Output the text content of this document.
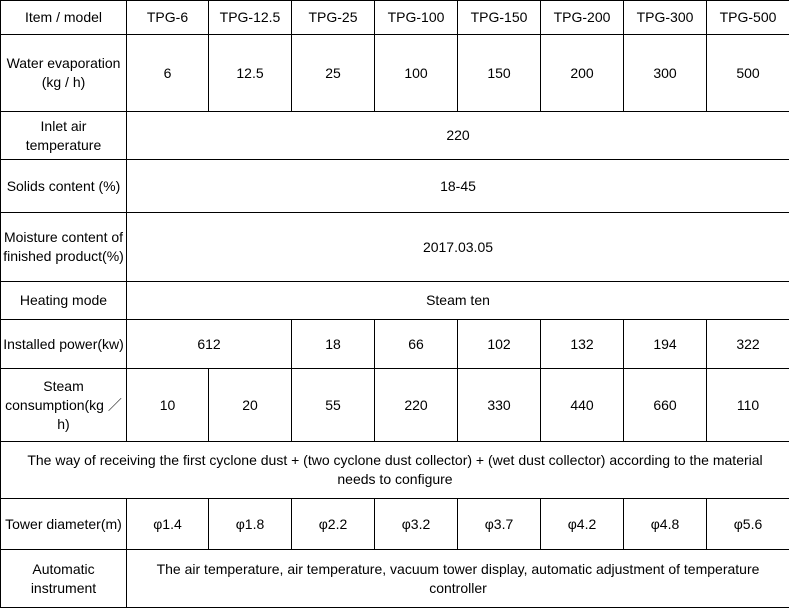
Item / model	TPG-6	TPG-12.5	TPG-25	TPG-100	TPG-150	TPG-200	TPG-300	TPG-500
Water evaporation (kg / h)	6	12.5	25	100	150	200	300	500
Inlet air temperature	220							
Solids content (%)	18-45							
Moisture content of finished product(%)	2017.03.05							
Heating mode	Steam ten							
Installed power(kw)	612		18	66	102	132	194	322
Steam consumption(kg ／h)	10	20	55	220	330	440	660	110
The way of receiving the first cyclone dust + (two cyclone dust collector) + (wet dust collector) according to the material needs to configure								
Tower diameter(m)	φ1.4	φ1.8	φ2.2	φ3.2	φ3.7	φ4.2	φ4.8	φ5.6
Automatic instrument	The air temperature, air temperature, vacuum tower display, automatic adjustment of temperature controller							
